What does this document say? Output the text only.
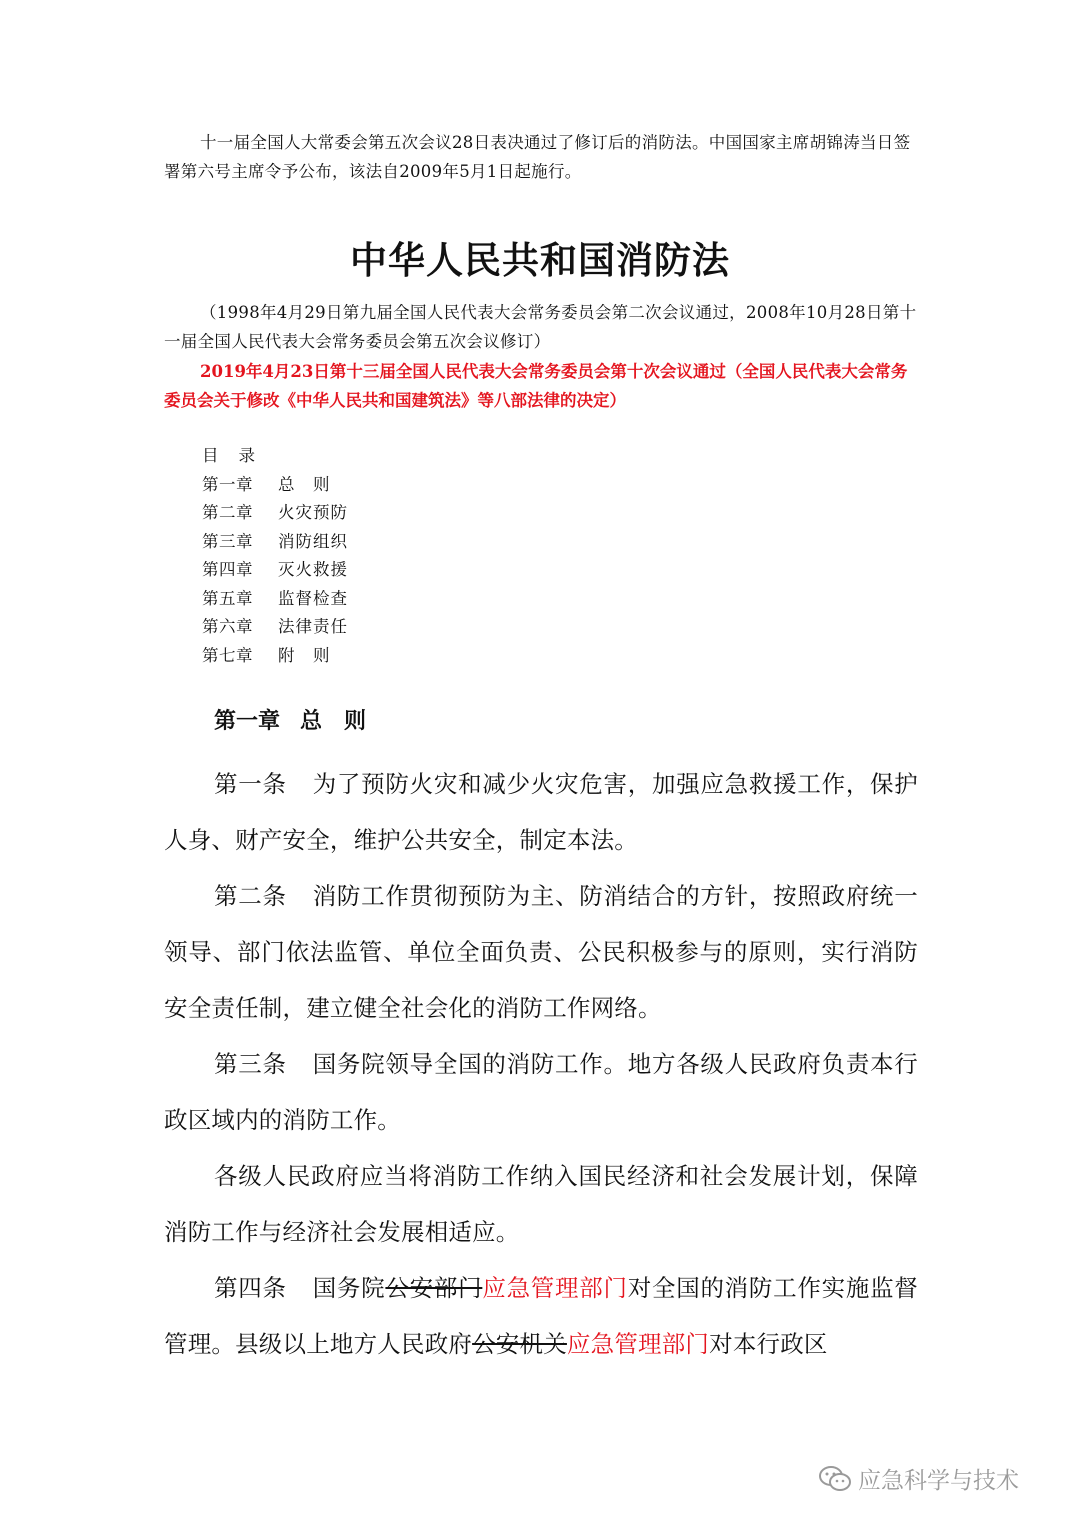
十一届全国人大常委会第五次会议28日表决通过了修订后的消防法。中国国家主席胡锦涛当日签署第六号主席令予公布，该法自2009年5月1日起施行。

中华人民共和国消防法

（1998年4月29日第九届全国人民代表大会常务委员会第二次会议通过，2008年10月28日第十一届全国人民代表大会常务委员会第五次会议修订）

2019年4月23日第十三届全国人民代表大会常务委员会第十次会议通过（全国人民代表大会常务委员会关于修改《中华人民共和国建筑法》等八部法律的决定）

目录
第一章	总　则
第二章	火灾预防
第三章	消防组织
第四章	灭火救援
第五章	监督检查
第六章	法律责任
第七章	附　则
第一章 总　则

第一条 为了预防火灾和减少火灾危害，加强应急救援工作，保护人身、财产安全，维护公共安全，制定本法。

第二条 消防工作贯彻预防为主、防消结合的方针，按照政府统一领导、部门依法监管、单位全面负责、公民积极参与的原则，实行消防安全责任制，建立健全社会化的消防工作网络。

第三条 国务院领导全国的消防工作。地方各级人民政府负责本行政区域内的消防工作。

各级人民政府应当将消防工作纳入国民经济和社会发展计划，保障消防工作与经济社会发展相适应。

第四条 国务院公安部门应急管理部门对全国的消防工作实施监督管理。县级以上地方人民政府公安机关应急管理部门对本行政区

应急科学与技术
